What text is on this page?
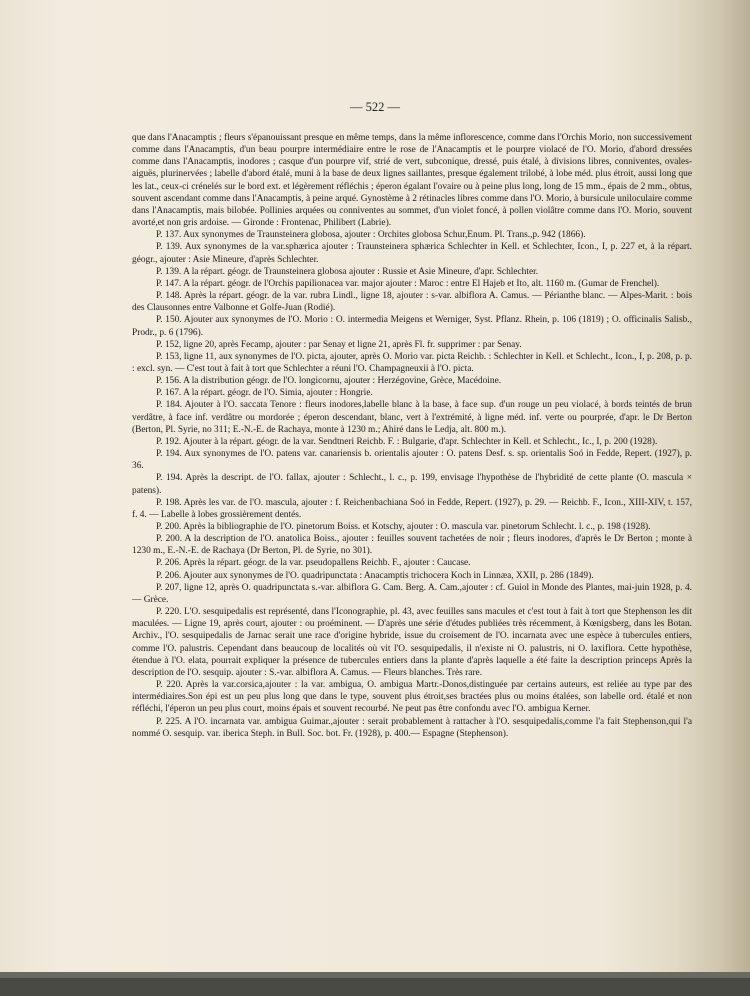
— 522 —

que dans l'Anacamptis ; fleurs s'épanouissant presque en même temps, dans la même inflorescence, comme dans l'Orchis Morio, non successivement comme dans l'Anacamptis, d'un beau pourpre intermédiaire entre le rose de l'Anacamptis et le pourpre violacé de l'O. Morio, d'abord dressées comme dans l'Anacamptis, inodores ; casque d'un pourpre vif, strié de vert, subconique, dressé, puis étalé, à divisions libres, conniventes, ovales-aiguës, plurinervées ; labelle d'abord étalé, muni à la base de deux lignes saillantes, presque également trilobé, à lobe méd. plus étroit, aussi long que les lat., ceux-ci crénelés sur le bord ext. et légèrement réfléchis ; éperon égalant l'ovaire ou à peine plus long, long de 15 mm., épais de 2 mm., obtus, souvent ascendant comme dans l'Anacamptis, à peine arqué. Gynostème à 2 rétinacles libres comme dans l'O. Morio, à bursicule uniloculaire comme dans l'Anacamptis, mais bilobée. Pollinies arquées ou conniventes au sommet, d'un violet foncé, à pollen violâtre comme dans l'O. Morio, souvent avorté,et non gris ardoise. — Gironde : Frontenac, Philibert (Labrie).

P. 137. Aux synonymes de Traunsteinera globosa, ajouter : Orchites globosa Schur,Enum. Pl. Trans.,p. 942 (1866).

P. 139. Aux synonymes de la var.sphærica ajouter : Traunsteinera sphærica Schlechter in Kell. et Schlechter, Icon., I, p. 227 et, à la répart. géogr., ajouter : Asie Mineure, d'après Schlechter.

P. 139. A la répart. géogr. de Traunsteinera globosa ajouter : Russie et Asie Mineure, d'apr. Schlechter.

P. 147. A la répart. géogr. de l'Orchis papilionacea var. major ajouter : Maroc : entre El Hajeb et Ito, alt. 1160 m. (Gumar de Frenchel).

P. 148. Après la répart. géogr. de la var. rubra Lindl., ligne 18, ajouter : s-var. albiflora A. Camus. — Périanthe blanc. — Alpes-Marit. : bois des Clausonnes entre Valbonne et Golfe-Juan (Rodié).

P. 150. Ajouter aux synonymes de l'O. Morio : O. intermedia Meigens et Werniger, Syst. Pflanz. Rhein, p. 106 (1819) ; O. officinalis Salisb., Prodr., p. 6 (1796).

P. 152, ligne 20, après Fecamp, ajouter : par Senay et ligne 21, après Fl. fr. supprimer : par Senay.

P. 153, ligne 11, aux synonymes de l'O. picta, ajouter, après O. Morio var. picta Reichb. : Schlechter in Kell. et Schlecht., Icon., I, p. 208, p. p. : excl. syn. — C'est tout à fait à tort que Schlechter a réuni l'O. Champagneuxii à l'O. picta.

P. 156. A la distribution géogr. de l'O. longicornu, ajouter : Herzégovine, Grèce, Macédoine.

P. 167. A la répart. géogr. de l'O. Simia, ajouter : Hongrie.

P. 184. Ajouter à l'O. saccata Tenore : fleurs inodores,labelle blanc à la base, à face sup. d'un rouge un peu violacé, à bords teintés de brun verdâtre, à face inf. verdâtre ou mordorée ; éperon descendant, blanc, vert à l'extrémité, à ligne méd. inf. verte ou pourprée, d'apr. le Dr Berton (Berton, Pl. Syrie, no 311; E.-N.-E. de Rachaya, monte à 1230 m.; Ahiré dans le Ledja, alt. 800 m.).

P. 192. Ajouter à la répart. géogr. de la var. Sendtneri Reichb. F. : Bulgarie, d'apr. Schlechter in Kell. et Schlecht., Ic., I, p. 200 (1928).

P. 194. Aux synonymes de l'O. patens var. canariensis b. orientalis ajouter : O. patens Desf. s. sp. orientalis Soó in Fedde, Repert. (1927), p. 36.

P. 194. Après la descript. de l'O. fallax, ajouter : Schlecht., l. c., p. 199, envisage l'hypothèse de l'hybridité de cette plante (O. mascula × patens).

P. 198. Après les var. de l'O. mascula, ajouter : f. Reichenbachiana Soó in Fedde, Repert. (1927), p. 29. — Reichb. F., Icon., XIII-XIV, t. 157, f. 4. — Labelle à lobes grossièrement dentés.

P. 200. Après la bibliographie de l'O. pinetorum Boiss. et Kotschy, ajouter : O. mascula var. pinetorum Schlecht. l. c., p. 198 (1928).

P. 200. A la description de l'O. anatolica Boiss., ajouter : feuilles souvent tachetées de noir ; fleurs inodores, d'après le Dr Berton ; monte à 1230 m., E.-N.-E. de Rachaya (Dr Berton, Pl. de Syrie, no 301).

P. 206. Après la répart. géogr. de la var. pseudopallens Reichb. F., ajouter : Caucase.

P. 206. Ajouter aux synonymes de l'O. quadripunctata : Anacamptis trichocera Koch in Linnæa, XXII, p. 286 (1849).

P. 207, ligne 12, après O. quadripunctata s.-var. albiflora G. Cam. Berg. A. Cam.,ajouter : cf. Guiol in Monde des Plantes, mai-juin 1928, p. 4. — Grèce.

P. 220. L'O. sesquipedalis est représenté, dans l'Iconographie, pl. 43, avec feuilles sans macules et c'est tout à fait à tort que Stephenson les dit maculées. — Ligne 19, après court, ajouter : ou proéminent. — D'après une série d'études publiées très récemment, à Kœnigsberg, dans les Botan. Archiv., l'O. sesquipedalis de Jarnac serait une race d'origine hybride, issue du croisement de l'O. incarnata avec une espèce à tubercules entiers, comme l'O. palustris. Cependant dans beaucoup de localités où vit l'O. sesquipedalis, il n'existe ni O. palustris, ni O. laxiflora. Cette hypothèse, étendue à l'O. elata, pourrait expliquer la présence de tubercules entiers dans la plante d'après laquelle a été faite la description princeps Après la description de l'O. sesquip. ajouter : S.-var. albiflora A. Camus. — Fleurs blanches. Très rare.

P. 220. Après la var.corsica,ajouter : la var. ambigua, O. ambigua Martr.-Donos,distinguée par certains auteurs, est reliée au type par des intermédiaires.Son épi est un peu plus long que dans le type, souvent plus étroit,ses bractées plus ou moins étalées, son labelle ord. étalé et non réfléchi, l'éperon un peu plus court, moins épais et souvent recourbé. Ne peut pas être confondu avec l'O. ambigua Kerner.

P. 225. A l'O. incarnata var. ambigua Guimar.,ajouter : serait probablement à rattacher à l'O. sesquipedalis,comme l'a fait Stephenson,qui l'a nommé O. sesquip. var. iberica Steph. in Bull. Soc. bot. Fr. (1928), p. 400.— Espagne (Stephenson).
